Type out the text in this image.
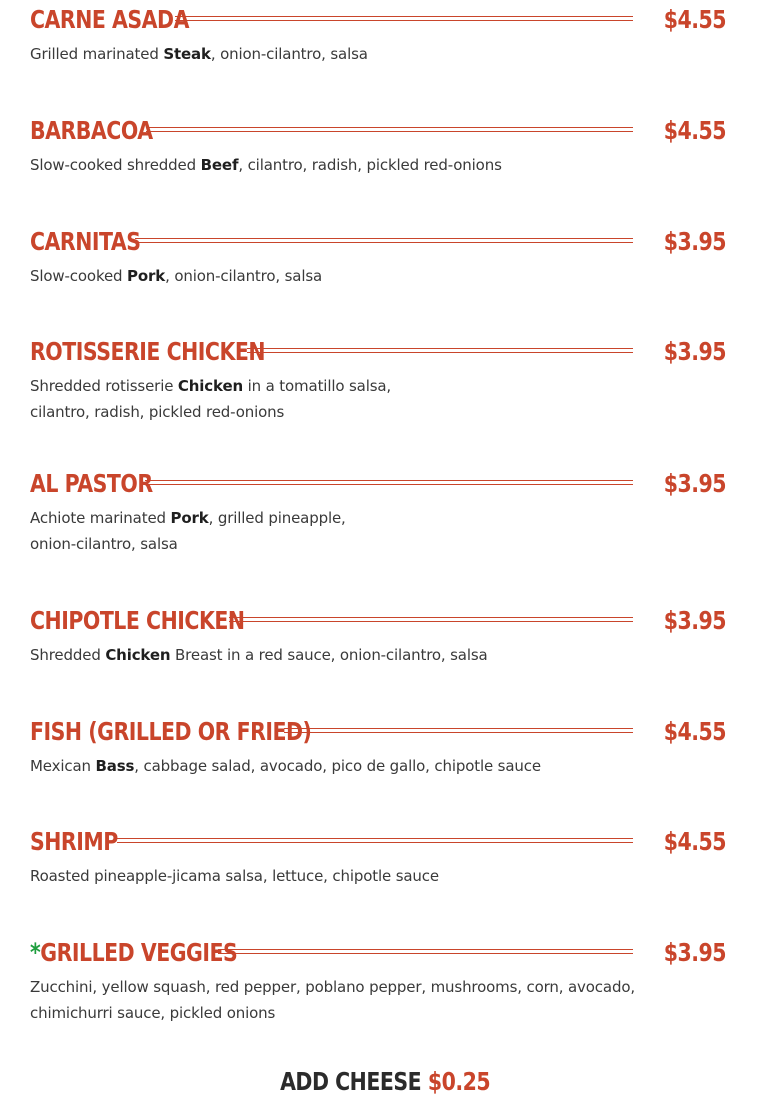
CARNE ASADA	$4.55
Grilled marinated Steak, onion-cilantro, salsa
BARBACOA	$4.55
Slow-cooked shredded Beef, cilantro, radish, pickled red-onions
CARNITAS	$3.95
Slow-cooked Pork, onion-cilantro, salsa
ROTISSERIE CHICKEN	$3.95
Shredded rotisserie Chicken in a tomatillo salsa,
cilantro, radish, pickled red-onions
AL PASTOR	$3.95
Achiote marinated Pork, grilled pineapple,
onion-cilantro, salsa
CHIPOTLE CHICKEN	$3.95
Shredded Chicken Breast in a red sauce, onion-cilantro, salsa
FISH (GRILLED OR FRIED)	$4.55
Mexican Bass, cabbage salad, avocado, pico de gallo, chipotle sauce
SHRIMP	$4.55
Roasted pineapple-jicama salsa, lettuce, chipotle sauce
*GRILLED VEGGIES	$3.95
Zucchini, yellow squash, red pepper, poblano pepper, mushrooms, corn, avocado,
chimichurri sauce, pickled onions
ADD CHEESE $0.25
